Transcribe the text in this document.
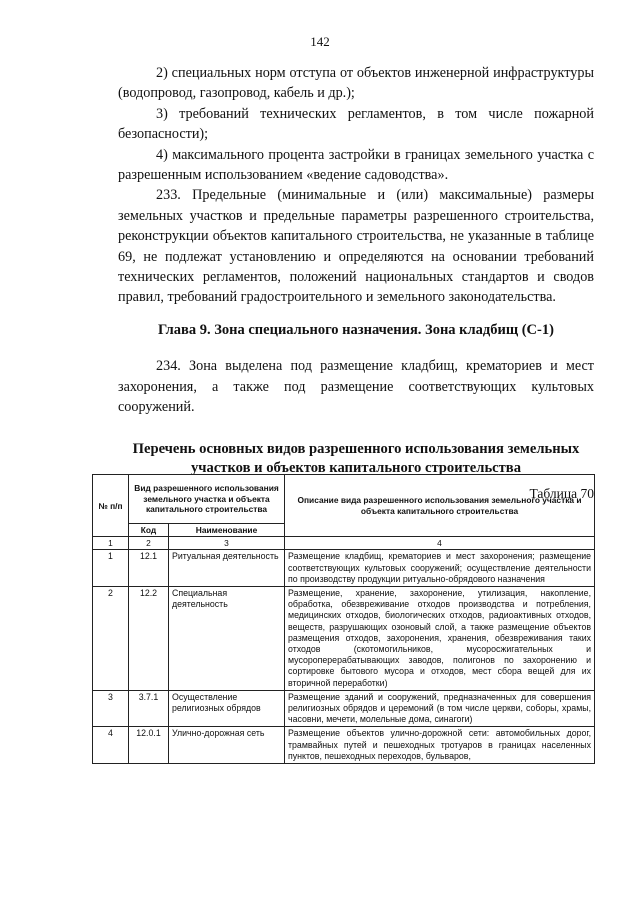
142

2) специальных норм отступа от объектов инженерной инфраструктуры (водопровод, газопровод, кабель и др.);

3) требований технических регламентов, в том числе пожарной безопасности);

4) максимального процента застройки в границах земельного участка с разрешенным использованием «ведение садоводства».

233. Предельные (минимальные и (или) максимальные) размеры земельных участков и предельные параметры разрешенного строительства, реконструкции объектов капитального строительства, не указанные в таблице 69, не подлежат установлению и определяются на основании требований технических регламентов, положений национальных стандартов и сводов правил, требований градостроительного и земельного законодательства.

Глава 9. Зона специального назначения. Зона кладбищ (С-1)

234. Зона выделена под размещение кладбищ, крематориев и мест захоронения, а также под размещение соответствующих культовых сооружений.

Перечень основных видов разрешенного использования земельных участков и объектов капитального строительства

Таблица 70

№ п/п	Вид разрешенного использования земельного участка и объекта капитального строительства		Описание вида разрешенного использования земельного участка и объекта капитального строительства
	Код	Наименование	
1	2	3	4
1	12.1	Ритуальная деятельность	Размещение кладбищ, крематориев и мест захоронения; размещение соответствующих культовых сооружений; осуществление деятельности по производству продукции ритуально-обрядового назначения
2	12.2	Специальная деятельность	Размещение, хранение, захоронение, утилизация, накопление, обработка, обезвреживание отходов производства и потребления, медицинских отходов, биологических отходов, радиоактивных отходов, веществ, разрушающих озоновый слой, а также размещение объектов размещения отходов, захоронения, хранения, обезвреживания таких отходов (скотомогильников, мусоросжигательных и мусороперерабатывающих заводов, полигонов по захоронению и сортировке бытового мусора и отходов, мест сбора вещей для их вторичной переработки)
3	3.7.1	Осуществление религиозных обрядов	Размещение зданий и сооружений, предназначенных для совершения религиозных обрядов и церемоний (в том числе церкви, соборы, храмы, часовни, мечети, молельные дома, синагоги)
4	12.0.1	Улично-дорожная сеть	Размещение объектов улично-дорожной сети: автомобильных дорог, трамвайных путей и пешеходных тротуаров в границах населенных пунктов, пешеходных переходов, бульваров,
